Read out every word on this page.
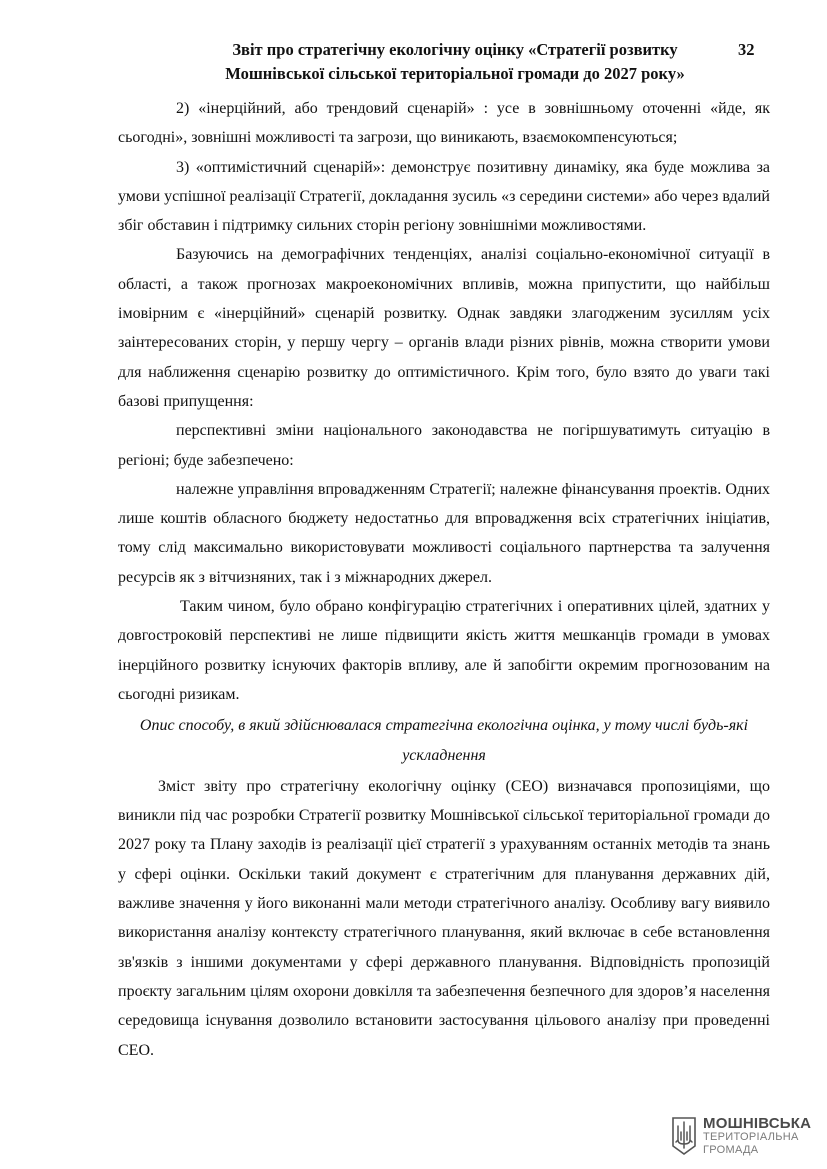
Звіт про стратегічну екологічну оцінку «Стратегії розвитку
Мошнівської сільської територіальної громади до 2027 року»
32

2) «інерційний, або трендовий сценарій» : усе в зовнішньому оточенні «йде, як сьогодні», зовнішні можливості та загрози, що виникають, взаємокомпенсуються;

3) «оптимістичний сценарій»: демонструє позитивну динаміку, яка буде можлива за умови успішної реалізації Стратегії, докладання зусиль «з середини системи» або через вдалий збіг обставин і підтримку сильних сторін регіону зовнішніми можливостями.

Базуючись на демографічних тенденціях, аналізі соціально-економічної ситуації в області, а також прогнозах макроекономічних впливів, можна припустити, що найбільш імовірним є «інерційний» сценарій розвитку. Однак завдяки злагодженим зусиллям усіх заінтересованих сторін, у першу чергу – органів влади різних рівнів, можна створити умови для наближення сценарію розвитку до оптимістичного. Крім того, було взято до уваги такі базові припущення:

перспективні зміни національного законодавства не погіршуватимуть ситуацію в регіоні; буде забезпечено:

належне управління впровадженням Стратегії; належне фінансування проектів. Одних лише коштів обласного бюджету недостатньо для впровадження всіх стратегічних ініціатив, тому слід максимально використовувати можливості соціального партнерства та залучення ресурсів як з вітчизняних, так і з міжнародних джерел.

Таким чином, було обрано конфігурацію стратегічних і оперативних цілей, здатних у довгостроковій перспективі не лише підвищити якість життя мешканців громади в умовах інерційного розвитку існуючих факторів впливу, але й запобігти окремим прогнозованим на сьогодні ризикам.

Опис способу, в який здійснювалася стратегічна екологічна оцінка, у тому числі будь-які ускладнення

Зміст звіту про стратегічну екологічну оцінку (СЕО) визначався пропозиціями, що виникли під час розробки Стратегії розвитку Мошнівської сільської територіальної громади до 2027 року та Плану заходів із реалізації цієї стратегії з урахуванням останніх методів та знань у сфері оцінки. Оскільки такий документ є стратегічним для планування державних дій, важливе значення у його виконанні мали методи стратегічного аналізу. Особливу вагу виявило використання аналізу контексту стратегічного планування, який включає в себе встановлення зв'язків з іншими документами у сфері державного планування. Відповідність пропозицій проєкту загальним цілям охорони довкілля та забезпечення безпечного для здоров’я населення середовища існування дозволило встановити застосування цільового аналізу при проведенні СЕО.

МОШНІВСЬКА
ТЕРИТОРІАЛЬНА
ГРОМАДА
